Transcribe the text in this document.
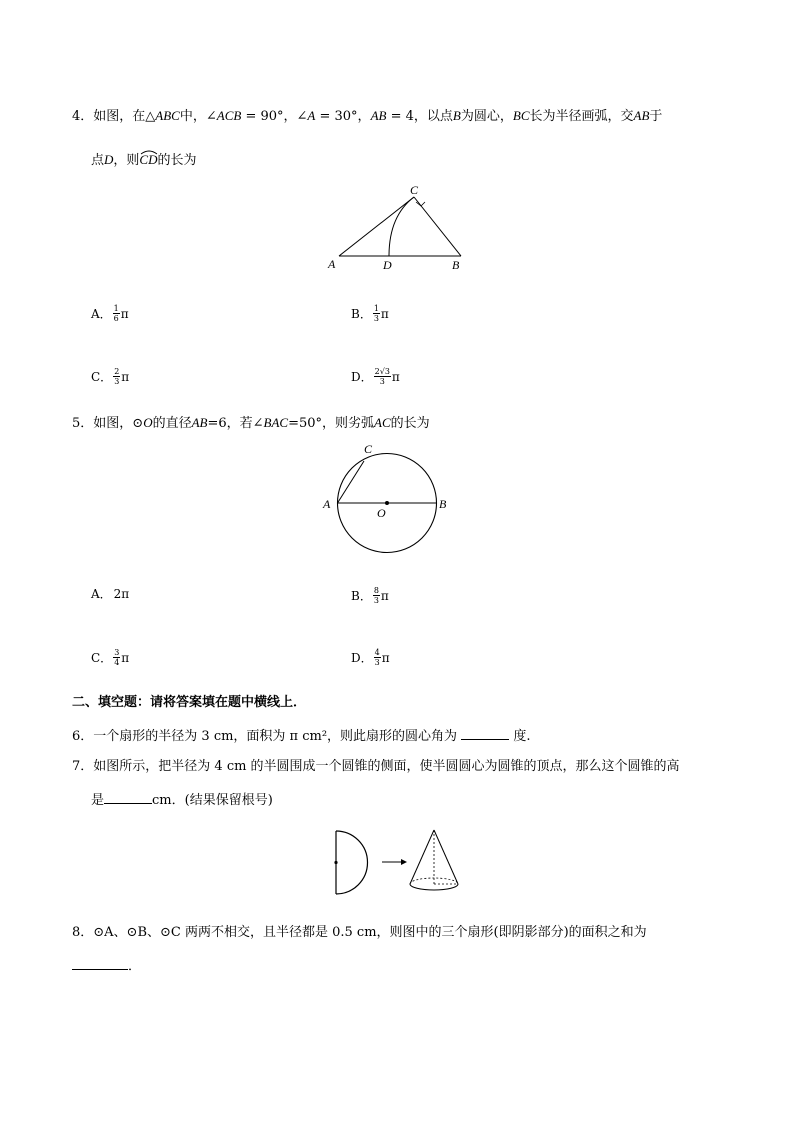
4．如图，在△ABC中，∠ACB = 90°，∠A = 30°，AB = 4，以点B为圆心，BC长为半径画弧，交AB于
点D，则CD
的长为
A	D	B
C
A． $\frac{1}{6}$ π	B． $\frac{1}{3}$ π
C． $\frac{2}{3}$ π	D． $\frac{2√3}{3}$ π
5．如图，⊙O的直径AB=6，若∠BAC=50°，则劣弧AC的长为
A	B
C
O
A． 2π	B． $\frac{8}{3}$ π
C． $\frac{3}{4}$ π	D． $\frac{4}{3}$ π
二、填空题：请将答案填在题中横线上．
6．一个扇形的半径为 3 cm，面积为 π cm²，则此扇形的圆心角为	度.
7．如图所示，把半径为 4 cm 的半圆围成一个圆锥的侧面，使半圆圆心为圆锥的顶点，那么这个圆锥的高
是	cm．(结果保留根号)
8．⊙A、⊙B、⊙C 两两不相交，且半径都是 0.5 cm，则图中的三个扇形(即阴影部分)的面积之和为
．
